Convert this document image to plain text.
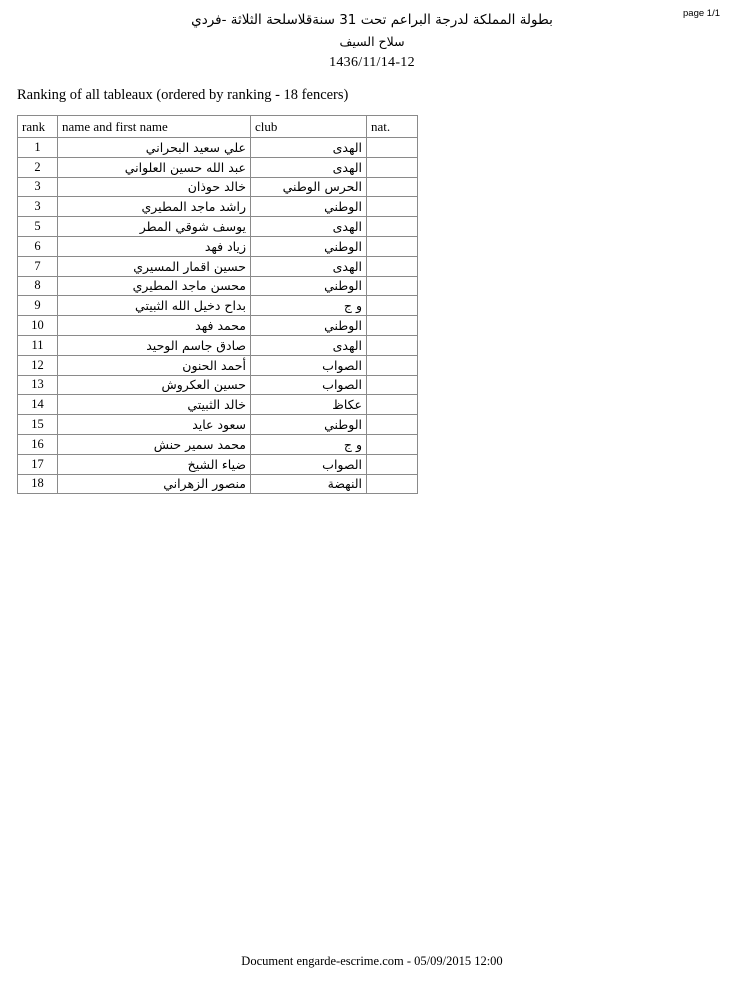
page 1/1
بطولة المملكة لدرجة البراعم تحت 13 سنةقلاسلحة الثلاثة -فردي
سلاح السيف
1436/11/14-12
Ranking of all tableaux (ordered by ranking - 18 fencers)
rank	name and first name	club	nat.
1	علي سعيد البحراني	الهدى	
2	عبد الله حسين العلواني	الهدى	
3	خالد حوذان	الحرس الوطني	
3	راشد ماجد المطيري	الوطني	
5	يوسف شوقي المطر	الهدى	
6	زياد فهد	الوطني	
7	حسين اقمار المسيري	الهدى	
8	محسن ماجد المطيري	الوطني	
9	بداح دخيل الله الثبيتي	و ج	
10	محمد فهد	الوطني	
11	صادق جاسم الوحيد	الهدى	
12	أحمد الحنون	الصواب	
13	حسين العكروش	الصواب	
14	خالد الثبيتي	عكاظ	
15	سعود عايد	الوطني	
16	محمد سمير حنش	و ج	
17	ضياء الشيخ	الصواب	
18	منصور الزهراني	النهضة	
Document engarde-escrime.com - 05/09/2015 12:00
